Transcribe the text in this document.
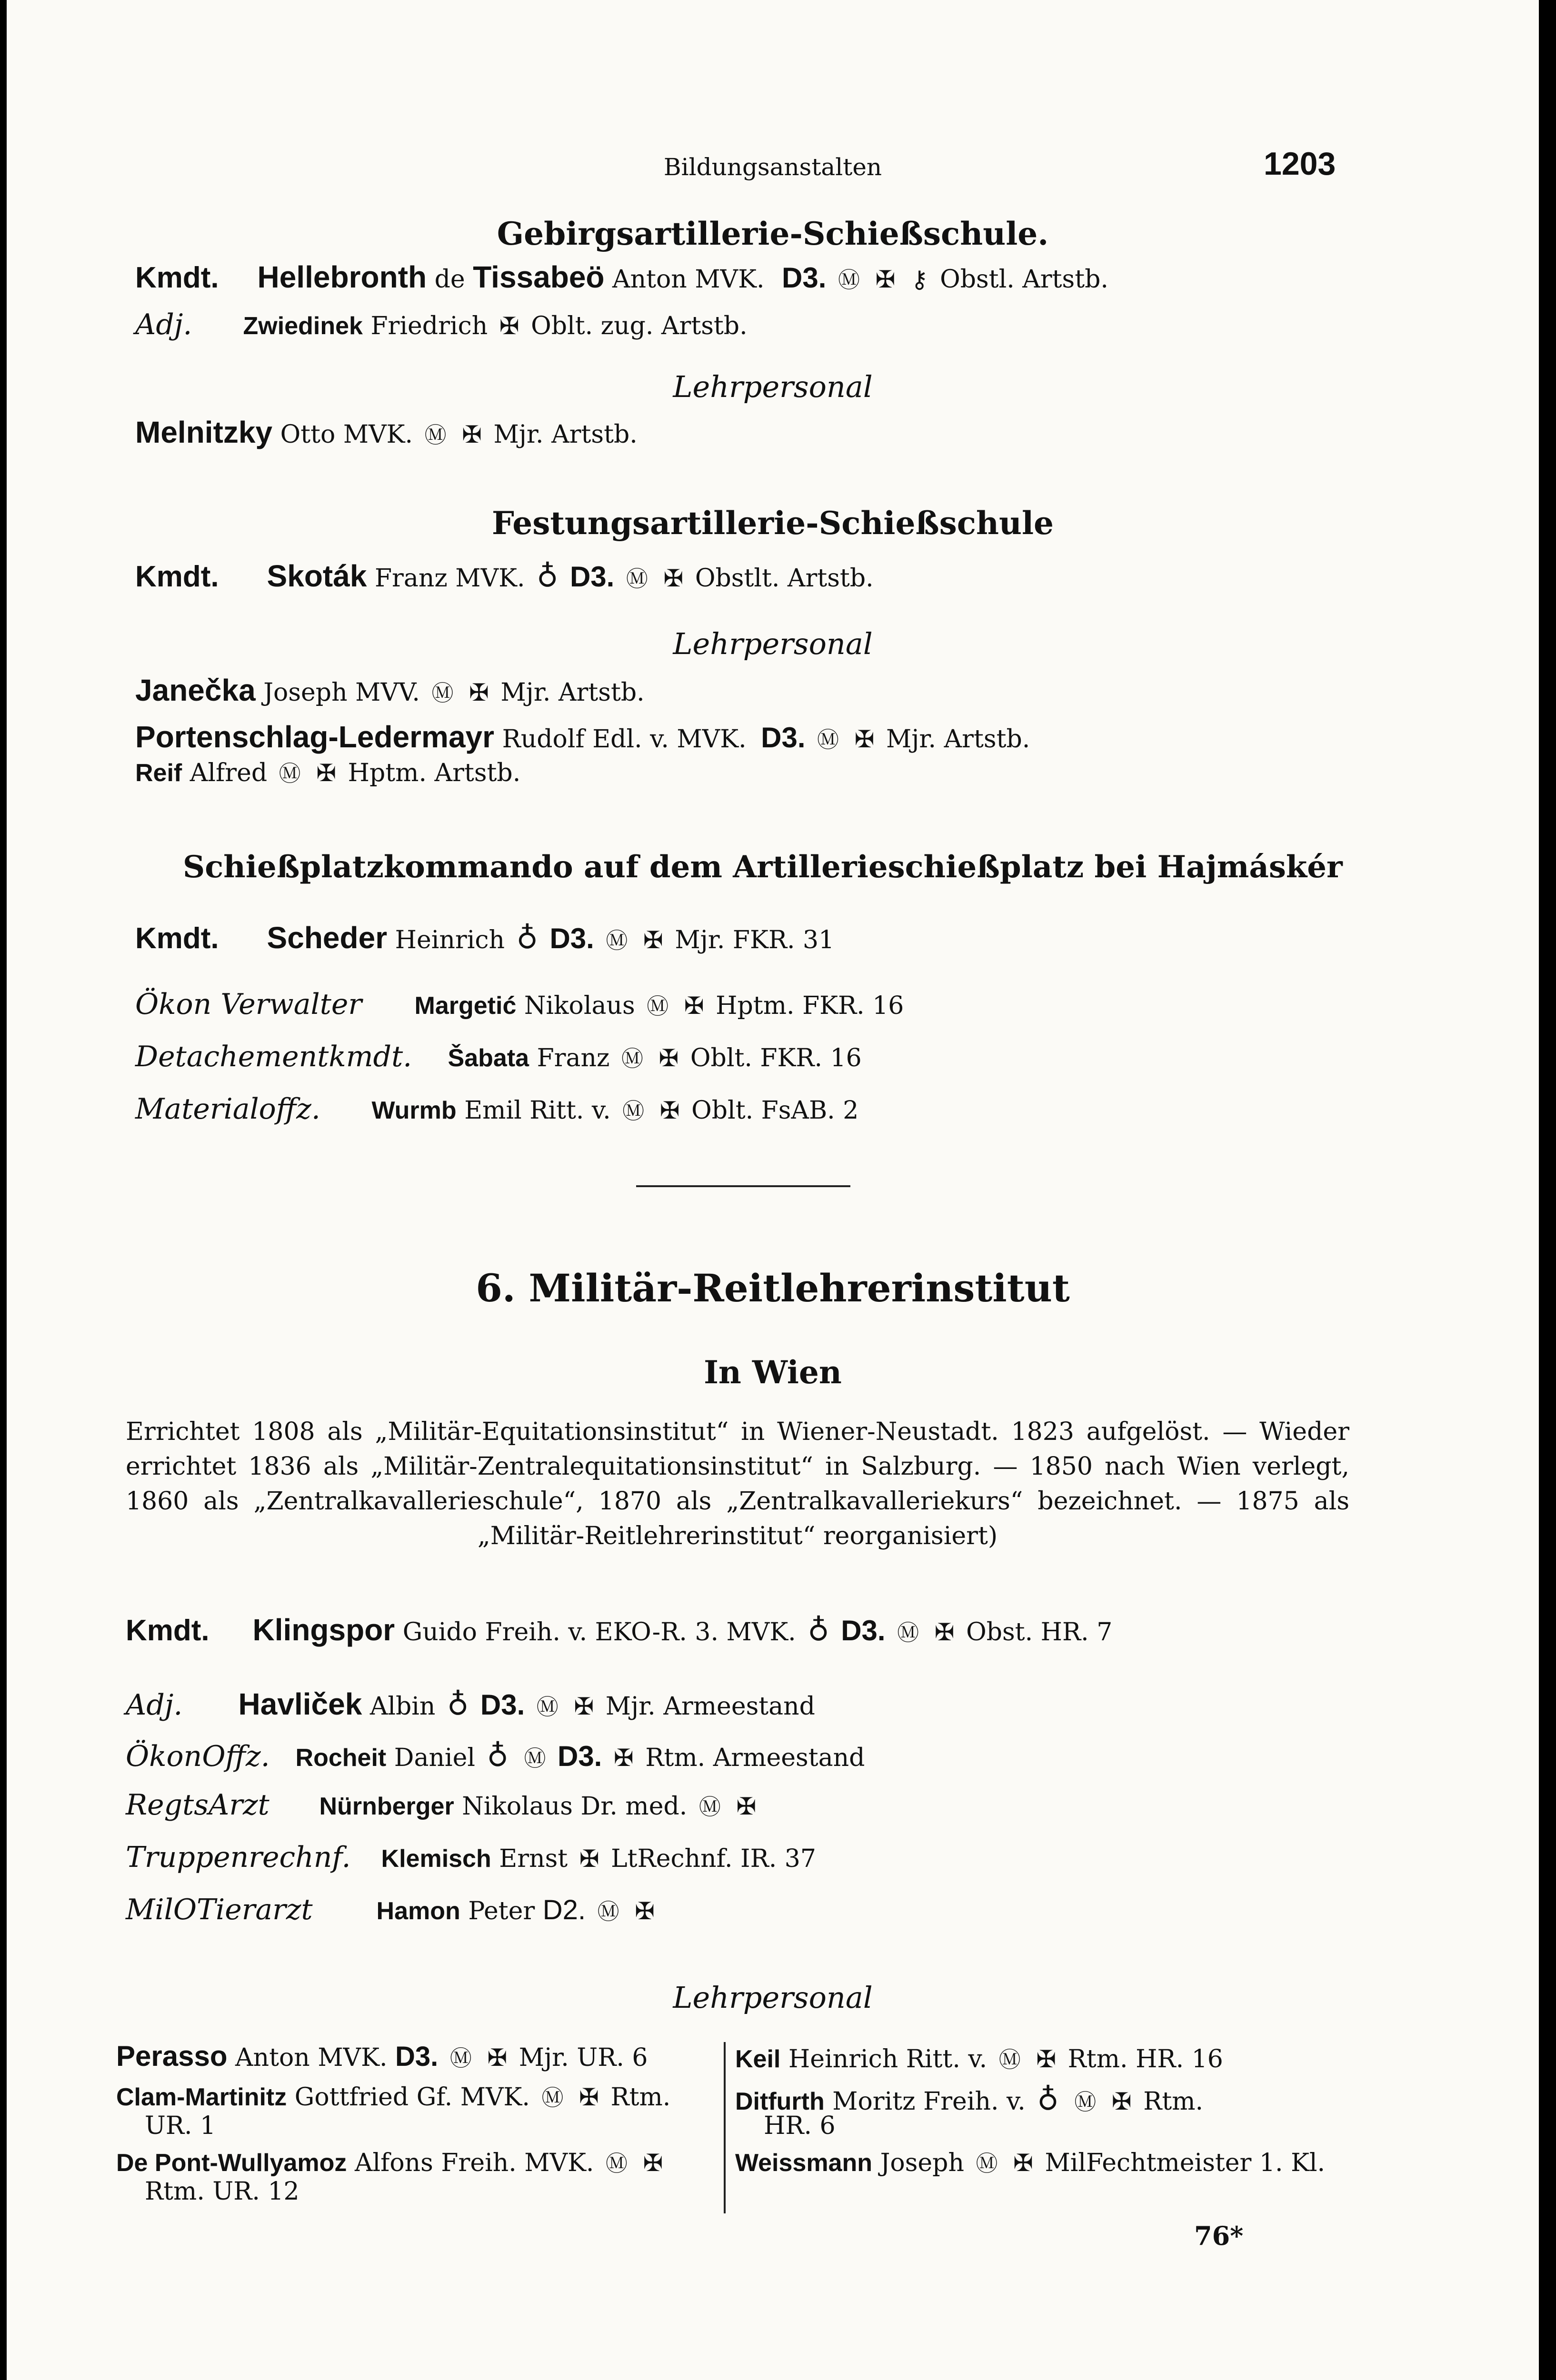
Bildungsanstalten	1203
Gebirgsartillerie-Schießschule.
Kmdt. Hellebronth de Tissabeö Anton MVK. D3. Ⓜ ✠ ⚷ Obstl. Artstb.
Adj. Zwiedinek Friedrich ✠ Oblt. zug. Artstb.
Lehrpersonal
Melnitzky Otto MVK. Ⓜ ✠ Mjr. Artstb.
Festungsartillerie-Schießschule
Kmdt. Skoták Franz MVK. ♁ D3. Ⓜ ✠ Obstlt. Artstb.
Lehrpersonal
Janečka Joseph MVV. Ⓜ ✠ Mjr. Artstb.
Portenschlag-Ledermayr Rudolf Edl. v. MVK. D3. Ⓜ ✠ Mjr. Artstb.
Reif Alfred Ⓜ ✠ Hptm. Artstb.
Schießplatzkommando auf dem Artillerieschießplatz bei Hajmáskér
Kmdt. Scheder Heinrich ♁ D3. Ⓜ ✠ Mjr. FKR. 31
Ökon Verwalter Margetić Nikolaus Ⓜ ✠ Hptm. FKR. 16
Detachementkmdt. Šabata Franz Ⓜ ✠ Oblt. FKR. 16
Materialoffz. Wurmb Emil Ritt. v. Ⓜ ✠ Oblt. FsAB. 2
6. Militär-Reitlehrerinstitut
In Wien
Errichtet 1808 als „Militär-Equitationsinstitut“ in Wiener-Neustadt. 1823 aufgelöst. — Wieder
errichtet 1836 als „Militär-Zentralequitationsinstitut“ in Salzburg. — 1850 nach Wien verlegt,
1860 als „Zentralkavallerieschule“, 1870 als „Zentralkavalleriekurs“ bezeichnet. — 1875 als
„Militär-Reitlehrerinstitut“ reorganisiert)
Kmdt. Klingspor Guido Freih. v. EKO-R. 3. MVK. ♁ D3. Ⓜ ✠ Obst. HR. 7
Adj. Havliček Albin ♁ D3. Ⓜ ✠ Mjr. Armeestand
ÖkonOffz. Rocheit Daniel ♁ Ⓜ D3. ✠ Rtm. Armeestand
RegtsArzt Nürnberger Nikolaus Dr. med. Ⓜ ✠
Truppenrechnf. Klemisch Ernst ✠ LtRechnf. IR. 37
MilOTierarzt	Hamon Peter D2. Ⓜ ✠
Lehrpersonal
Perasso Anton MVK. D3. Ⓜ ✠ Mjr. UR. 6
Clam-Martinitz Gottfried Gf. MVK. Ⓜ ✠ Rtm.
UR. 1
De Pont-Wullyamoz Alfons Freih. MVK. Ⓜ ✠
Rtm. UR. 12
Keil Heinrich Ritt. v. Ⓜ ✠ Rtm. HR. 16
Ditfurth Moritz Freih. v. ♁ Ⓜ ✠ Rtm.
HR. 6
Weissmann Joseph Ⓜ ✠ MilFechtmeister 1. Kl.
76*
